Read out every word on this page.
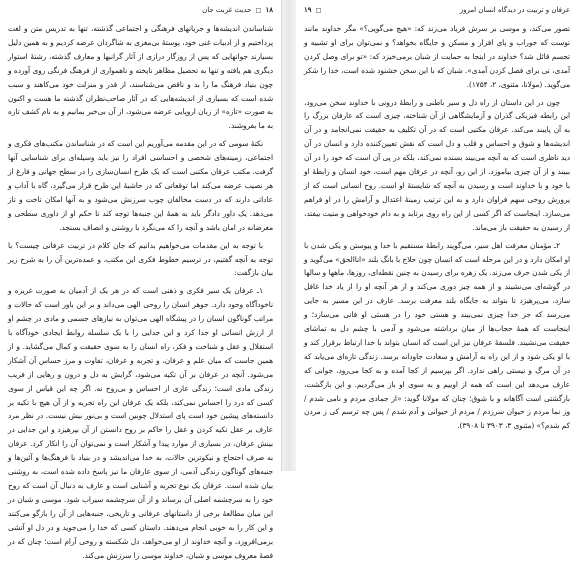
۱۸ □ حدیث غربت جان

شناساندن اندیشه‌ها و جریانهای فرهنگی و اجتماعی گذشته، تنها به تدریس متن و لغت پرداختیم و از ادبیات غنی خود، پوستهٔ بی‌مغزی به شاگردان عرضه کردیم و به همین دلیل بسیارند جوانهایی که پس از روزگار درازی از آثار گرانبها و معارف گذشته، رشتهٔ استوار دیگری هم یافته و تنها به تحصیل مظاهر ناپخته و ناهمواری از فرهنگ فرنگی روی آورده و چون بنیاد فرهنگ ما را بد و ناقص می‌شناسند، از قدر و منزلت خود می‌کاهند و سبب شده است که بسیاری از اندیشه‌هایی که در آثار صاحب‌نظران گذشته ما هست و اکنون به صورت «تازه» از زبان اروپایی عرضه می‌شود، از آن بی‌خبر بمانیم و به نام کشف تازه به ما بفروشند.

نکتهٔ سومی که در این مقدمه می‌آوریم این است که در شناساندن مکتب‌های فکری و اجتماعی، زمینه‌های شخصی و احساسی افراد را نیز باید وسیله‌ای برای شناسایی آنها گرفت. مکتب عرفان مکتبی است که یک طرح انسان‌سازی را در سطح جهانی و فارغ از هر نصیب عرضه می‌کند اما توقعاتی که در حاشیهٔ این طرح قرار می‌گیرد، گاه با آداب و عاداتی دارند که در دست مخالفان چوب سرزنش می‌شود و به آنها امکان تاخت و تاز می‌دهد. یک داور دادگر باید به همهٔ این جنبه‌ها توجه کند تا حکم او از داوری سطحی و مغرضانه در امان باشد و آنچه را که می‌نگرد با روشنی و انصاف بسنجد.

با توجه به این مقدمات می‌خواهیم بدانیم که جان کلام در تربیت عرفانی چیست؟ با توجه به آنچه گفتیم، در ترسیم خطوط فکری این مکتب، و عمده‌ترین آن را به شرح زیر بیان بازگفت:

۱ـ عرفان یک سیر فکری و ذهنی است که در هر یک از آدمیان به صورت غریزه و ناخودآگاه وجود دارد. جوهر انسان را روحی الهی می‌داند و بر این باور است که حالات و مراتب گوناگون انسان را در پیشگاه الهی می‌توان به نیازهای جسمی و مادی در چشم او از ارزش انسانی او جدا کرد و این جدایی را با یک سلسله روابط ایجادی خودآگاه با استقلال و عقل و شناخت و فکر، راه انسان را به سوی حقیقت و کمال می‌گشاید. و از همین جاست که میان علم و عرفان، و تجربه و عرفان، تفاوت و مرز حساس آن آشکار می‌شود. آنچه در عرفان بر آن تکیه می‌شود، گرایش به دل و درون و رهایی از فریب زندگی مادی است؛ زندگی عاری از احساس و بی‌روح نه. اگر چه این قیاس از سوی کسی که درد را احساس نمی‌کند، بلکه یک عرفان این راه تجربه و از آن هیچ با تکیه بر دانسته‌های پیشین خود است پای استدلال چوبین است و بی‌نور بیش نیست. در نظر مرد عارف بر عقل تکیه کردن و عقل را حاکم بر روح دانستن از آن بپرهیزد و این جدایی در بینش عرفان، در بسیاری از موارد پیدا و آشکار است و نمی‌توان آن را انکار کرد. عرفان به صرف احتجاج و نیکوترین حالات، به خدا می‌اندیشد و در بنیاد با فرهنگ‌ها و آئین‌ها و جنبه‌های گوناگون زندگی آدمی، از سوی عارفان ما نیز پاسخ داده شده است، به روشنی بیان شده است. عرفان یک نوع تجربه و آشنایی است و عارف به دنبال آن است که روح خود را به سرچشمه اصلی آن برساند و از آن سرچشمه سیراب شود. موسی و شبان در این میان مطالعهٔ برخی از داستانهای عرفانی و تاریخی، جنبه‌هایی از آن را بازگو می‌کنند و این کار را به خوبی انجام می‌دهند. داستان کسی که خدا را می‌جوید و در دل او آتشی برمی‌افروزد، و آنچه خداوند از او می‌خواهد، دل شکسته و روحی آرام است؛ چنان که در قصهٔ معروف موسی و شبان، خداوند موسی را سرزنش می‌کند.

عرفان و تربیت در دیدگاه انسان امروز
□ ۱۹

تصور می‌کند، و موسی بر سرش فریاد می‌زند که: «هیچ می‌گویی؟» مگر خداوند مانند توست که جوراب و پای افزار و مسکن و جایگاه بخواهد؟ و نمی‌توان برای او تشبیه و تجسم قائل شد؟ خداوند در اینجا به حمایت از شبان برمی‌خیزد که: «تو برای وصل کردن آمدی، نی برای فصل کردن آمدی». شبان که با این سخن خشنود شده است، خدا را شکر می‌گوید. (مولانا، مثنوی، ۲، ۱۷۵۴).

چون در این داستان از راه دل و سیر باطنی و رابطهٔ درونی با خداوند سخن می‌رود، این رابطه فیزیکی گذران و آزمایشگاهی از آن شناخته، چیزی است که عارفان بزرگ را به آن پایبند می‌کند. عرفان مکتبی است که در آن تکلیف به حقیقت نمی‌انجامد و در آن اندیشه‌ها و شوق و احساس و قلب و دل است که نقش تعیین‌کننده دارد و انسان در آن دید ناظری است که به آنچه می‌بیند بسنده نمی‌کند، بلکه در پی آن است که خود را در آن ببیند و از آن چیزی بیاموزد. از این رو، آنچه در عرفان مهم است، خود انسان و رابطهٔ او با خود و با خداوند است و رسیدن به آنچه که شایستهٔ او است. روح انسانی است که از پرورش روحی سهم فراوان دارد و به این ترتیب زمینهٔ اعتدال و آرامش را در او فراهم می‌سازد. اینجاست که اگر کسی از این راه روی برتابد و به دام خودخواهی و منیت بیفتد، از رسیدن به حقیقت باز می‌ماند.

۲ـ مؤمنان معرفت اهل سیر، می‌گویند رابطهٔ مستقیم با خدا و پیوستن و یکی شدن با او امکان دارد و در این مرحله است که انسان چون حلاج با بانگ بلند «اناالحق» می‌گوید و از یکی شدن حرف می‌زند. یک زهره برای رسیدن به چنین نقطه‌ای، روزها، ماهها و سالها در گوشه‌ای می‌نشیند و از همه چیز دوری می‌کند و از هر آنچه او را از یاد خدا غافل سازد، می‌پرهیزد تا بتواند به جایگاه بلند معرفت برسد. عارف در این مسیر به جایی می‌رسد که جز خدا چیزی نمی‌بیند و هستی خود را در هستی او فانی می‌سازد؛ و اینجاست که همهٔ حجاب‌ها از میان برداشته می‌شود و آدمی با چشم دل به تماشای حقیقت می‌نشیند. فلسفهٔ عرفان نیز این است که انسان بتواند با خدا ارتباط برقرار کند و با او یکی شود و از این راه به آرامش و سعادت جاودانه برسد. زندگی تازه‌ای می‌یابد که در آن مرگ و نیستی راهی ندارد. اگر بپرسیم از کجا آمده و به کجا می‌رود، جوابی که عارف می‌دهد این است که همه از اوییم و به سوی او باز می‌گردیم. و این بازگشت، بازگشتی است آگاهانه و با شوق؛ چنان که مولانا گوید: «از جمادی مردم و نامی شدم / وز نما مردم ز حیوان سرزدم / مردم از حیوانی و آدم شدم / پس چه ترسم کی ز مردن کم شدم؟» (مثنوی ۳، ۳۹۰۳ تا ۳۹۰۸).
